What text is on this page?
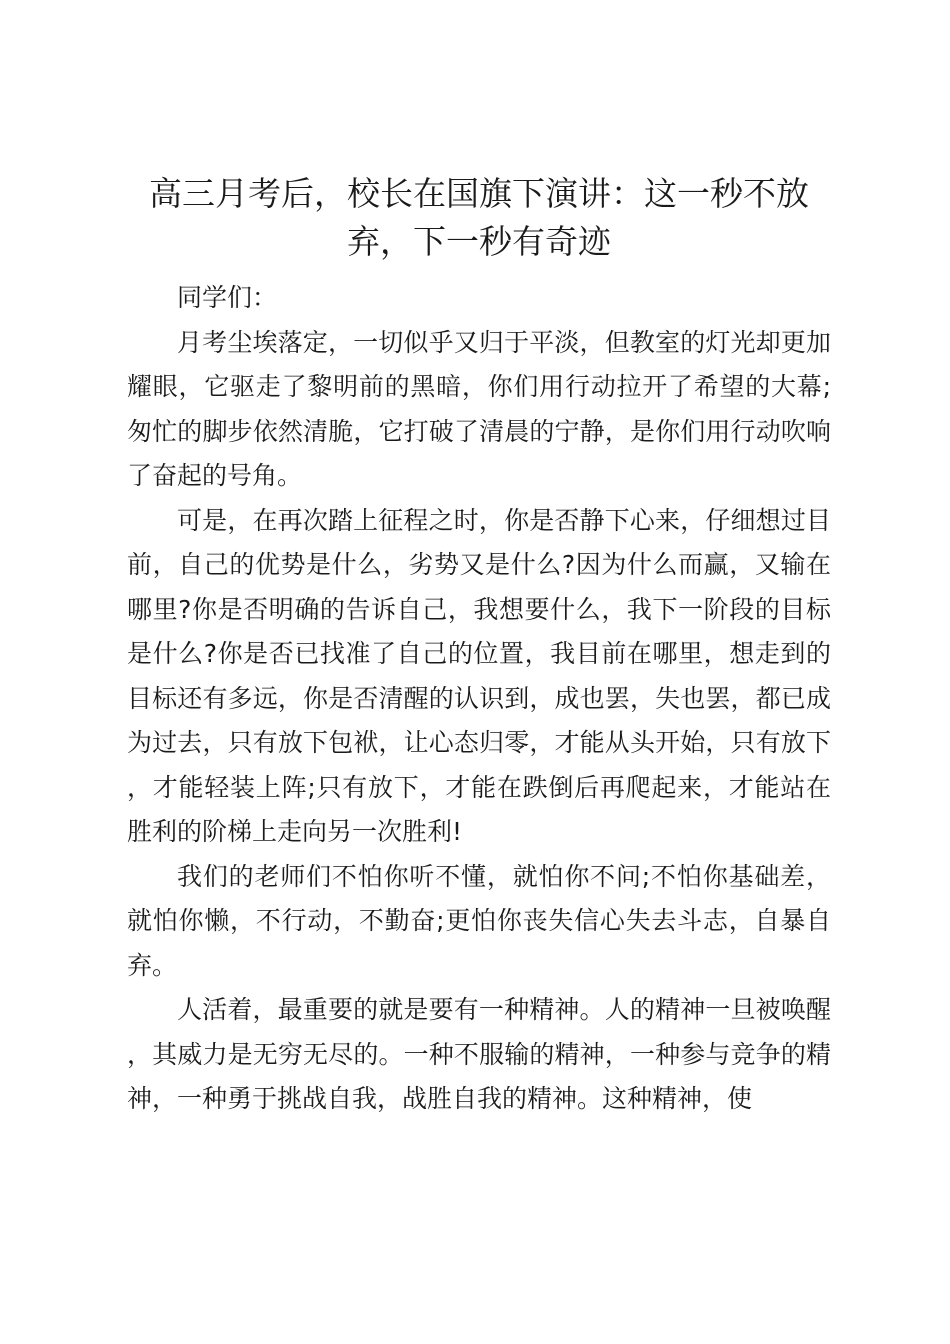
高三月考后，校长在国旗下演讲：这一秒不放弃，下一秒有奇迹

同学们：

月考尘埃落定，一切似乎又归于平淡，但教室的灯光却更加耀眼，它驱走了黎明前的黑暗，你们用行动拉开了希望的大幕;匆忙的脚步依然清脆，它打破了清晨的宁静，是你们用行动吹响了奋起的号角。

可是，在再次踏上征程之时，你是否静下心来，仔细想过目前，自己的优势是什么，劣势又是什么?因为什么而赢，又输在哪里?你是否明确的告诉自己，我想要什么，我下一阶段的目标是什么?你是否已找准了自己的位置，我目前在哪里，想走到的目标还有多远，你是否清醒的认识到，成也罢，失也罢，都已成为过去，只有放下包袱，让心态归零，才能从头开始，只有放下，才能轻装上阵;只有放下，才能在跌倒后再爬起来，才能站在胜利的阶梯上走向另一次胜利!

我们的老师们不怕你听不懂，就怕你不问;不怕你基础差，就怕你懒，不行动，不勤奋;更怕你丧失信心失去斗志，自暴自弃。

人活着，最重要的就是要有一种精神。人的精神一旦被唤醒，其威力是无穷无尽的。一种不服输的精神，一种参与竞争的精神，一种勇于挑战自我，战胜自我的精神。这种精神，使
